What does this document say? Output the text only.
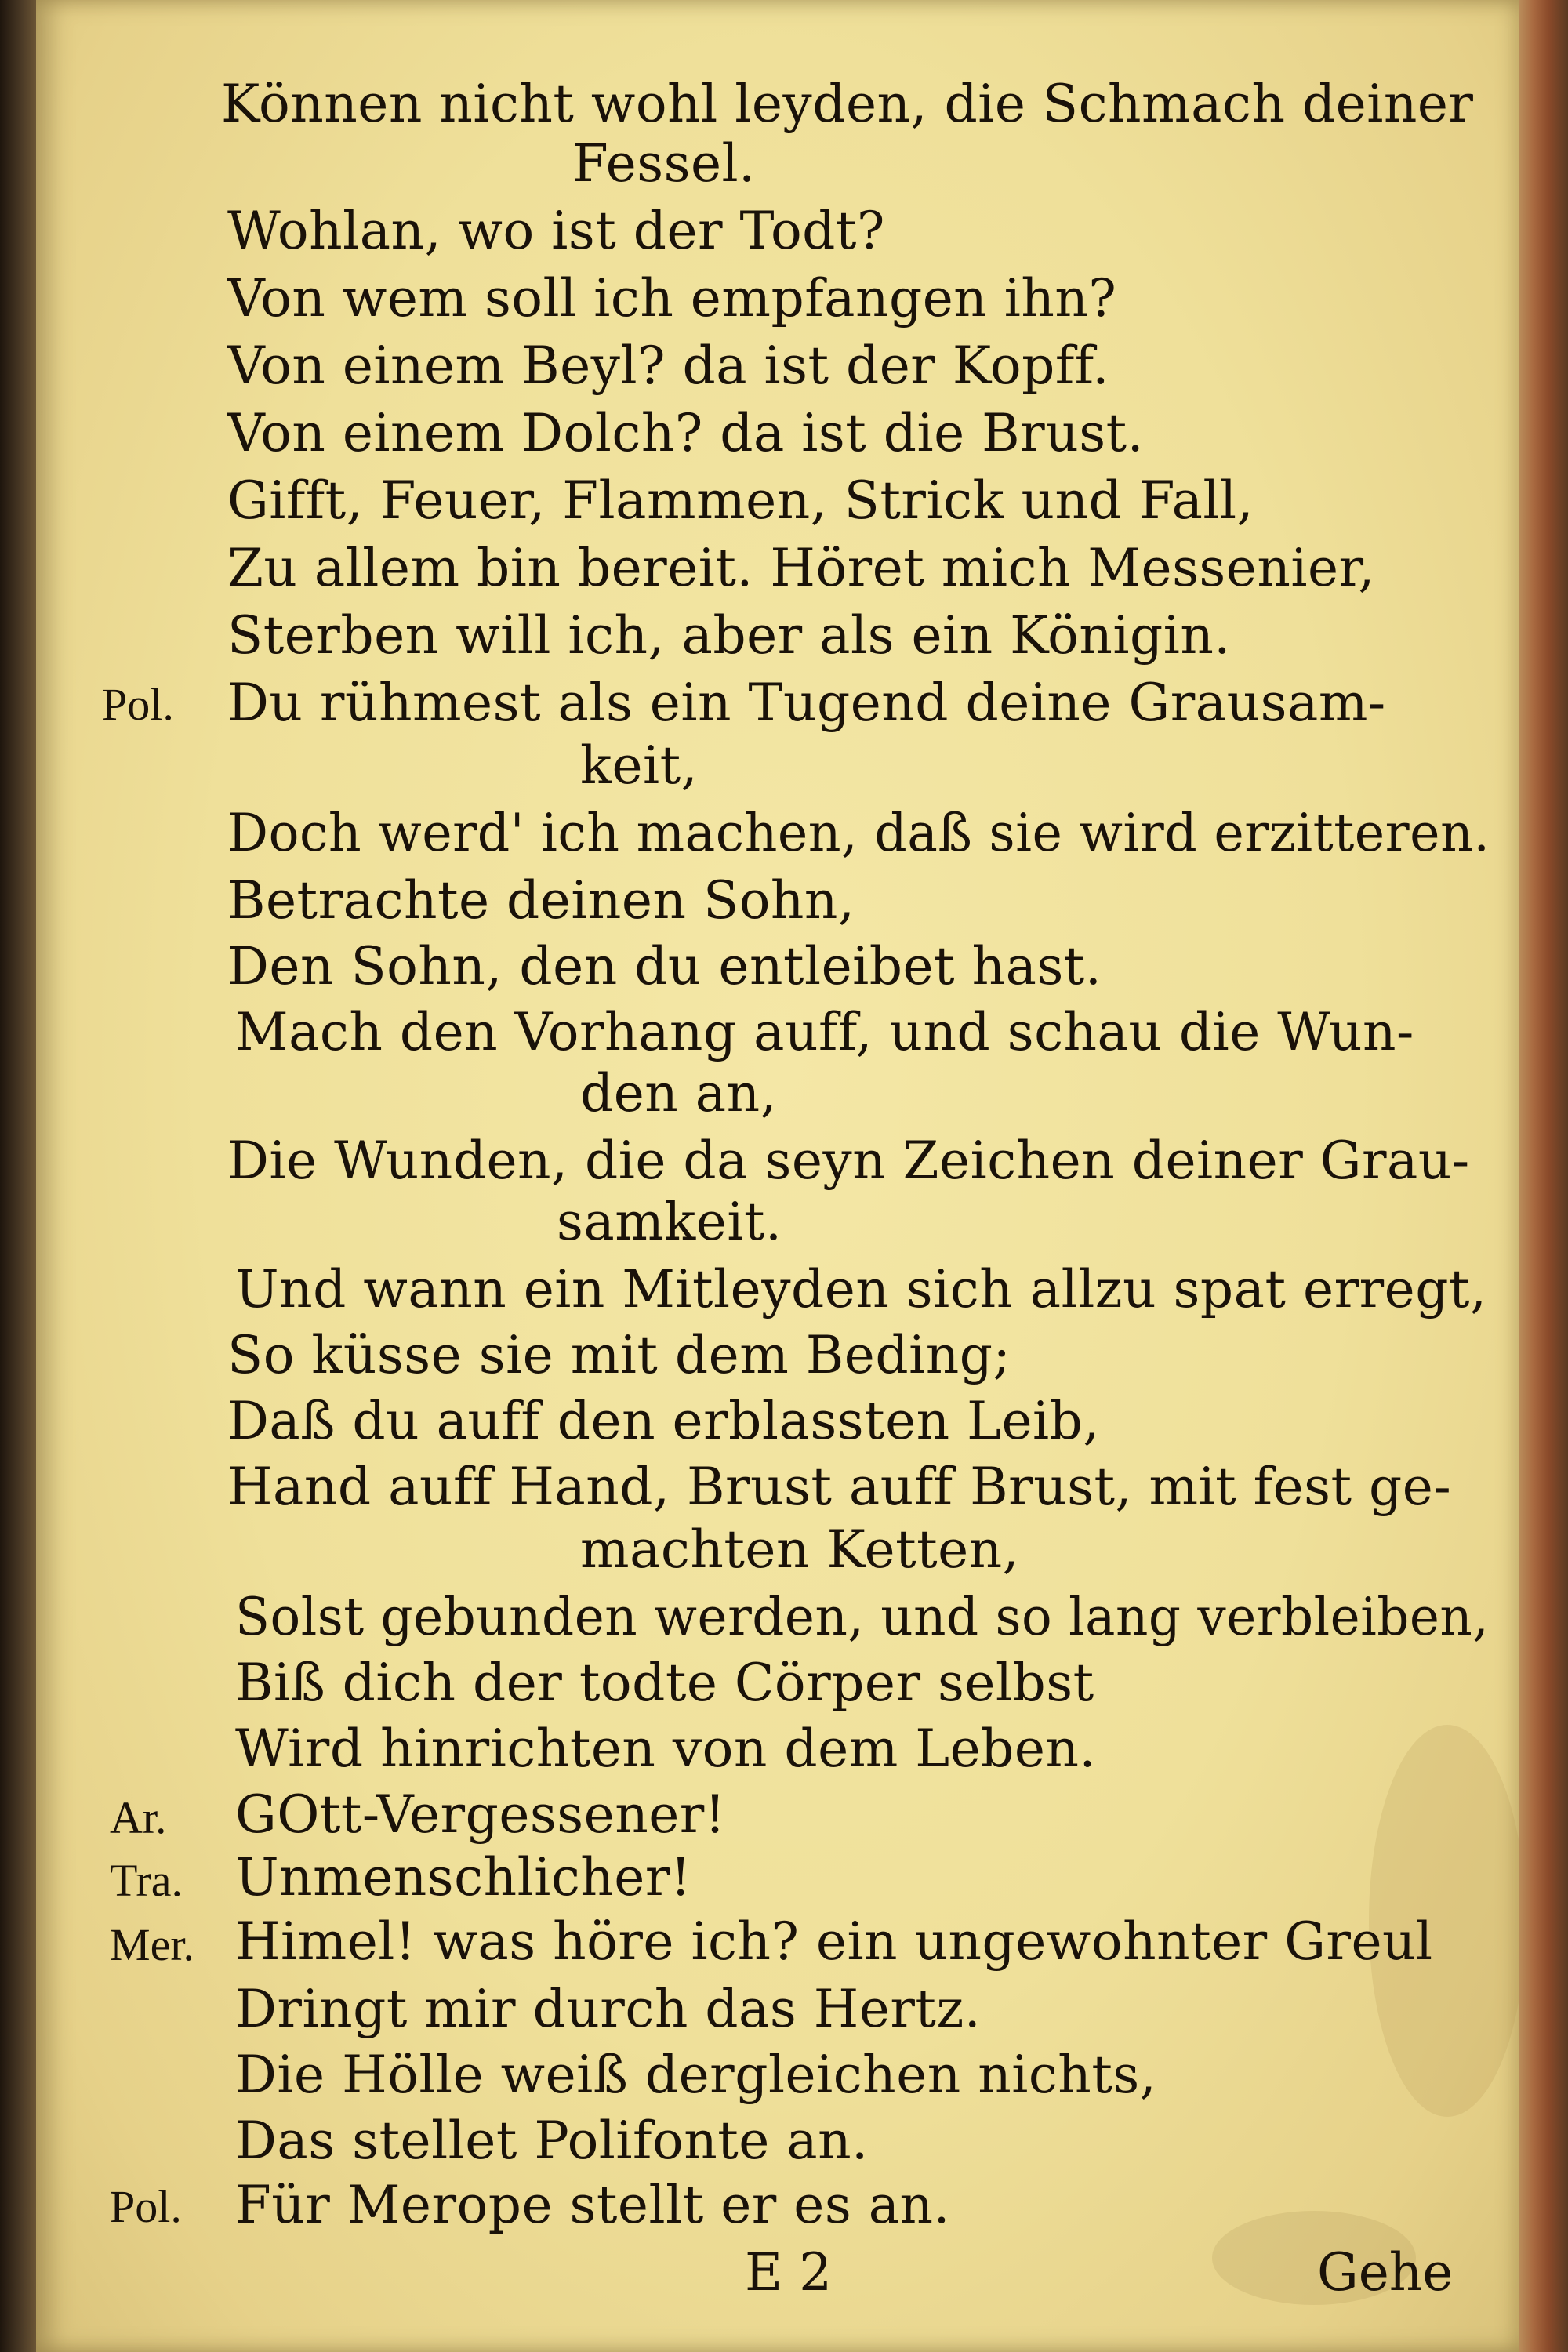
Können nicht wohl leyden, die Schmach deiner
Fessel.
Wohlan, wo ist der Todt?
Von wem soll ich empfangen ihn?
Von einem Beyl? da ist der Kopff.
Von einem Dolch? da ist die Brust.
Gifft, Feuer, Flammen, Strick und Fall,
Zu allem bin bereit. Höret mich Messenier,
Sterben will ich, aber als ein Königin.
Pol. Du rühmest als ein Tugend deine Grausam-
keit,
Doch werd' ich machen, daß sie wird erzitteren.
Betrachte deinen Sohn,
Den Sohn, den du entleibet hast.
Mach den Vorhang auff, und schau die Wun-
den an,
Die Wunden, die da seyn Zeichen deiner Grau-
samkeit.
Und wann ein Mitleyden sich allzu spat erregt,
So küsse sie mit dem Beding;
Daß du auff den erblassten Leib,
Hand auff Hand, Brust auff Brust, mit fest ge-
machten Ketten,
Solst gebunden werden, und so lang verbleiben,
Biß dich der todte Cörper selbst
Wird hinrichten von dem Leben.
Ar. GOtt-Vergessener!
Tra. Unmenschlicher!
Mer. Himel! was höre ich? ein ungewohnter Greul
Dringt mir durch das Hertz.
Die Hölle weiß dergleichen nichts,
Das stellet Polifonte an.
Pol. Für Merope stellt er es an.
E 2	Gehe
